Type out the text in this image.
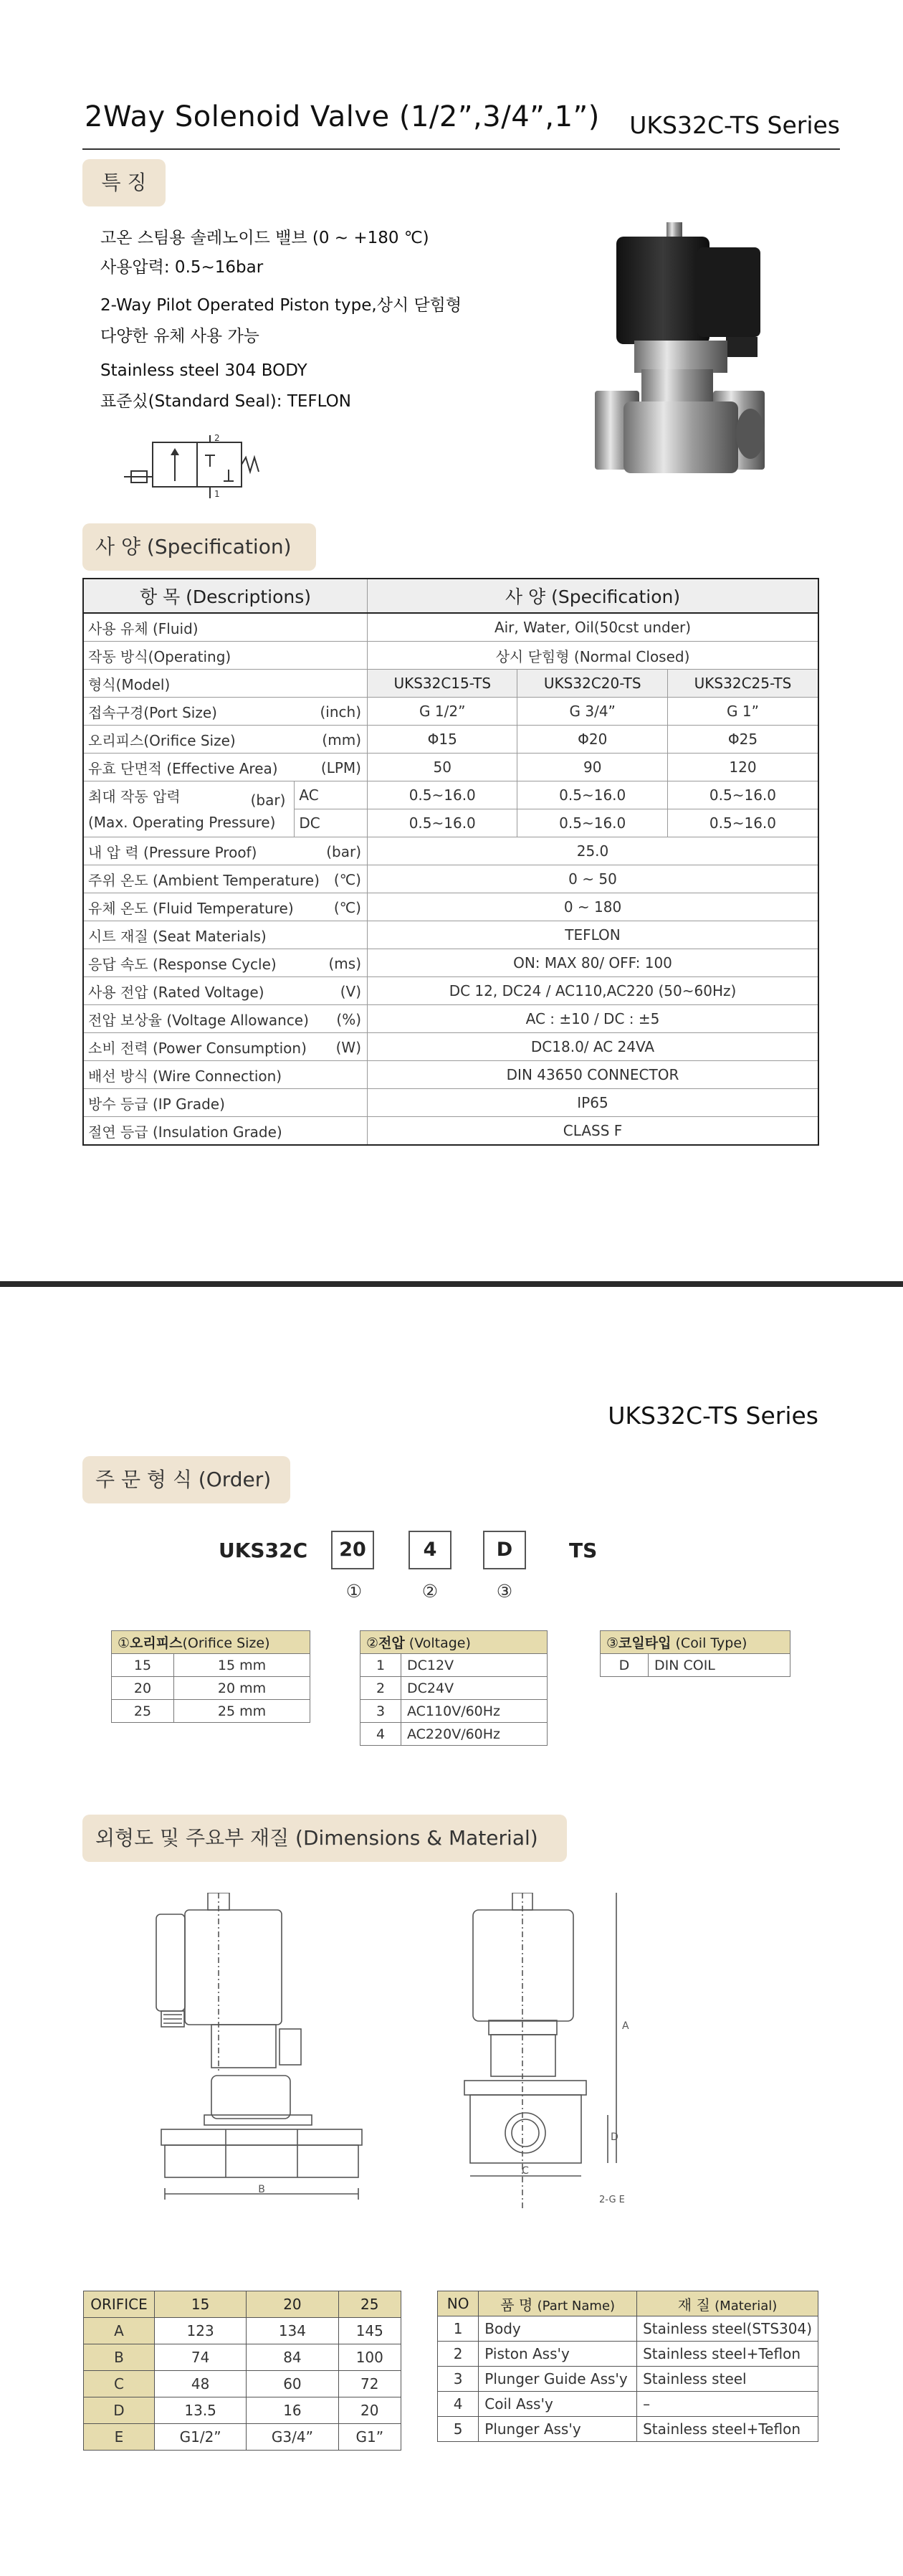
2Way Solenoid Valve (1/2”,3/4”,1”) UKS32C-TS Series
특 징
고온 스팀용 솔레노이드 밸브 (0 ~ +180 ℃)
사용압력: 0.5~16bar
2-Way Pilot Operated Piston type,상시 닫힘형
다양한 유체 사용 가능
Stainless steel 304 BODY
표준싰(Standard Seal): TEFLON
2
1
사 양 (Specification)
항 목 (Descriptions)		사 양 (Specification)		
사용 유체 (Fluid)		Air, Water, Oil(50cst under)		
작동 방식(Operating)		상시 닫힘형 (Normal Closed)		
형식(Model)		UKS32C15-TS	UKS32C20-TS	UKS32C25-TS
접속구경(Port Size) (inch)		G 1/2”	G 3/4”	G 1”
오리피스(Orifice Size) (mm)		Φ15	Φ20	Φ25
유효 단면적 (Effective Area) (LPM)		50	90	120
최대 작동 압력 (bar)

(Max. Operating Pressure)	AC	0.5~16.0	0.5~16.0	0.5~16.0
	DC	0.5~16.0	0.5~16.0	0.5~16.0
내 압 력 (Pressure Proof) (bar)		25.0		
주위 온도 (Ambient Temperature) (℃)		0 ~ 50		
유체 온도 (Fluid Temperature) (℃)		0 ~ 180		
시트 재질 (Seat Materials)		TEFLON		
응답 속도 (Response Cycle) (ms)		ON: MAX 80/ OFF: 100		
사용 전압 (Rated Voltage) (V)		DC 12, DC24 / AC110,AC220 (50~60Hz)		
전압 보상율 (Voltage Allowance) (%)		AC : ±10 / DC : ±5		
소비 전력 (Power Consumption) (W)		DC18.0/ AC 24VA		
배선 방식 (Wire Connection)		DIN 43650 CONNECTOR		
방수 등급 (IP Grade)		IP65		
절연 등급 (Insulation Grade)		CLASS F		
UKS32C-TS Series
주 문 형 식 (Order)
UKS32C	20	4	D	TS
①	②	③
①오리피스(Orifice Size)	
15	15 mm
20	20 mm
25	25 mm
②전압 (Voltage)	
1	DC12V
2	DC24V
3	AC110V/60Hz
4	AC220V/60Hz
③코일타입 (Coil Type)
D	DIN COIL
외형도 및 주요부 재질 (Dimensions & Material)
B
C
A
D
2-G E
ORIFICE	15	20	25
A	123	134	145
B	74	84	100
C	48	60	72
D	13.5	16	20
E	G1/2”	G3/4”	G1”
NO	품 명 (Part Name)	재 질 (Material)
1	Body	Stainless steel(STS304)
2	Piston Ass'y	Stainless steel+Teflon
3	Plunger Guide Ass'y	Stainless steel
4	Coil Ass'y	–
5	Plunger Ass'y	Stainless steel+Teflon
